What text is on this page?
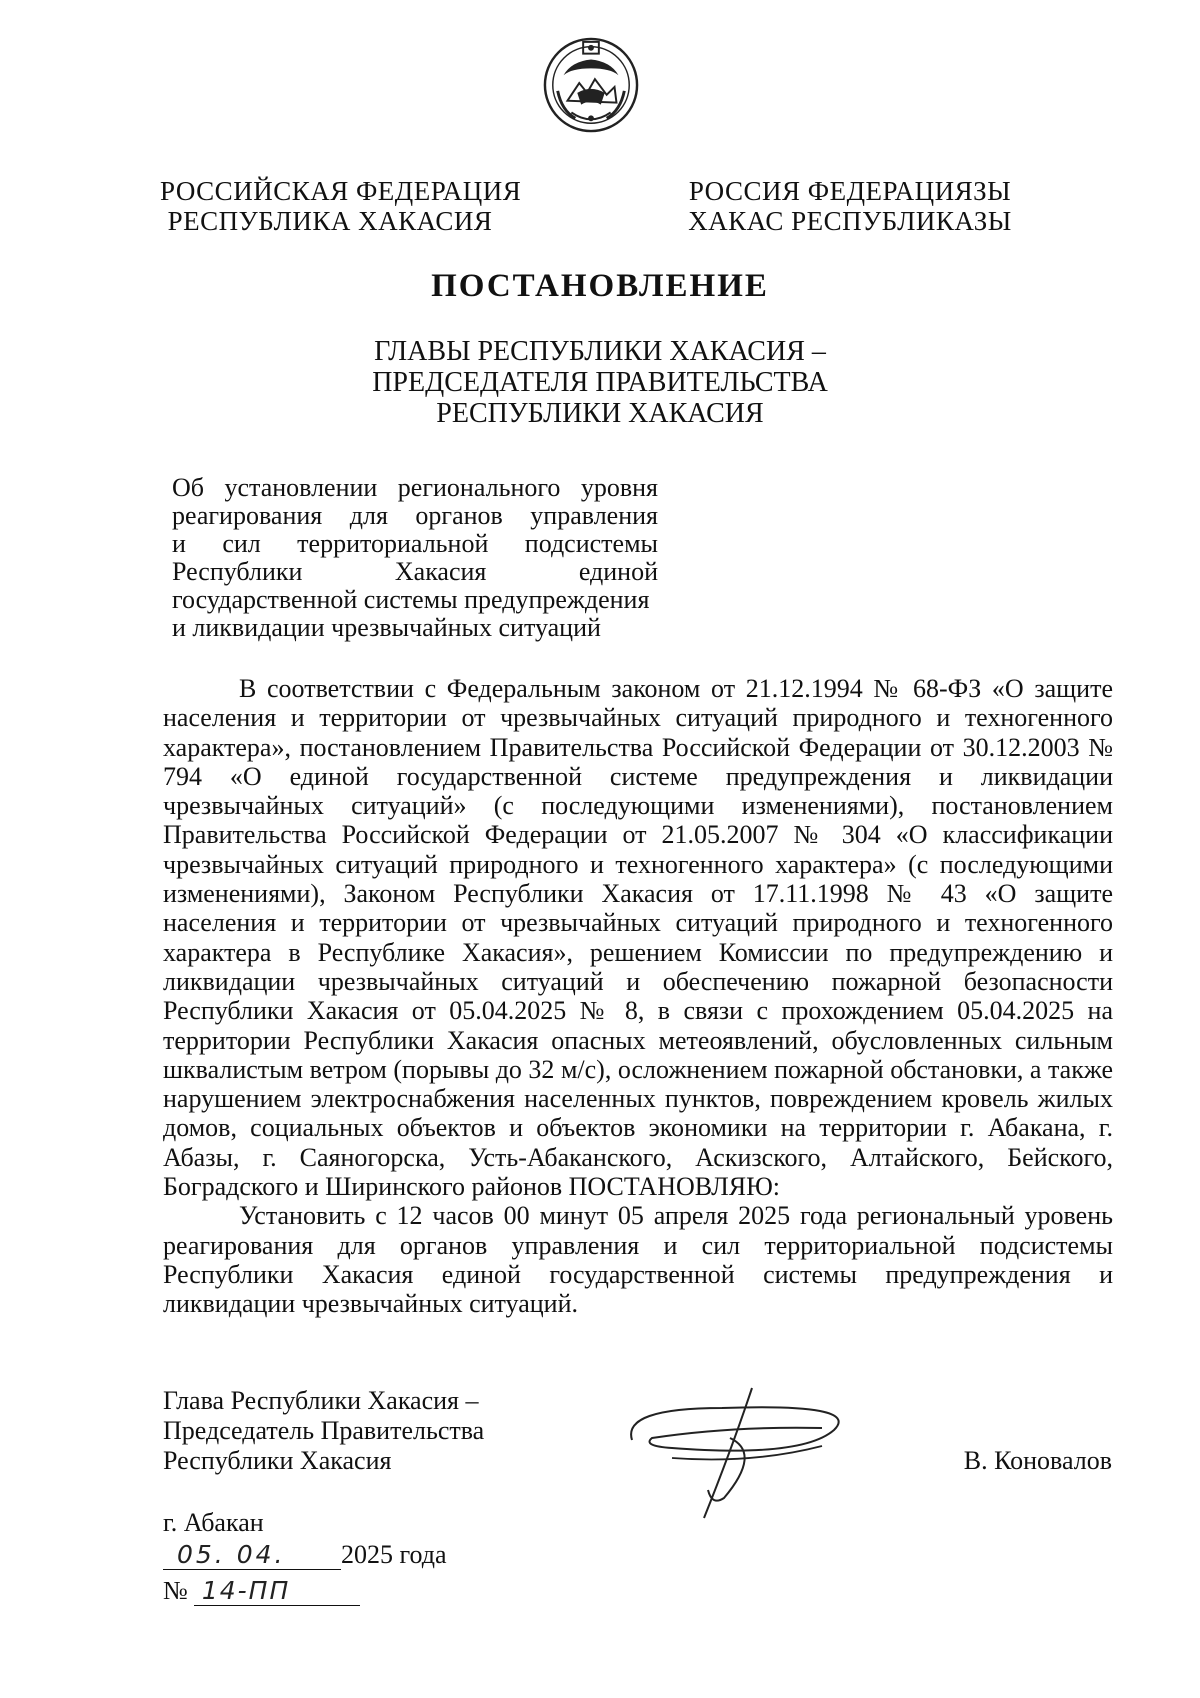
РОССИЙСКАЯ ФЕДЕРАЦИЯ
РЕСПУБЛИКА ХАКАСИЯ
РОССИЯ ФЕДЕРАЦИЯЗЫ
ХАКАС РЕСПУБЛИКАЗЫ
ПОСТАНОВЛЕНИЕ
ГЛАВЫ РЕСПУБЛИКИ ХАКАСИЯ –
ПРЕДСЕДАТЕЛЯ ПРАВИТЕЛЬСТВА
РЕСПУБЛИКИ ХАКАСИЯ
Об установлении регионального уровня
реагирования для органов управления
и сил территориальной подсистемы
Республики Хакасия единой
государственной системы предупреждения
и ликвидации чрезвычайных ситуаций

В соответствии с Федеральным законом от 21.12.1994 № 68-ФЗ «О защите населения и территории от чрезвычайных ситуаций природного и техногенного характера», постановлением Правительства Российской Федерации от 30.12.2003 № 794 «О единой государственной системе предупреждения и ликвидации чрезвычайных ситуаций» (с последующими изменениями), постановлением Правительства Российской Федерации от 21.05.2007 № 304 «О классификации чрезвычайных ситуаций природного и техногенного характера» (с последующими изменениями), Законом Республики Хакасия от 17.11.1998 № 43 «О защите населения и территории от чрезвычайных ситуаций природного и техногенного характера в Республике Хакасия», решением Комиссии по предупреждению и ликвидации чрезвычайных ситуаций и обеспечению пожарной безопасности Республики Хакасия от 05.04.2025 № 8, в связи с прохождением 05.04.2025 на территории Республики Хакасия опасных метеоявлений, обусловленных сильным шквалистым ветром (порывы до 32 м/с), осложнением пожарной обстановки, а также нарушением электроснабжения населенных пунктов, повреждением кровель жилых домов, социальных объектов и объектов экономики на территории г. Абакана, г. Абазы, г. Саяногорска, Усть-Абаканского, Аскизского, Алтайского, Бейского, Боградского и Ширинского районов ПОСТАНОВЛЯЮ:

Установить с 12 часов 00 минут 05 апреля 2025 года региональный уровень реагирования для органов управления и сил территориальной подсистемы Республики Хакасия единой государственной системы предупреждения и ликвидации чрезвычайных ситуаций.

Глава Республики Хакасия –
Председатель Правительства
Республики Хакасия	В. Коновалов
г. Абакан
05. 04. 2025 года
№ 14-ПП
